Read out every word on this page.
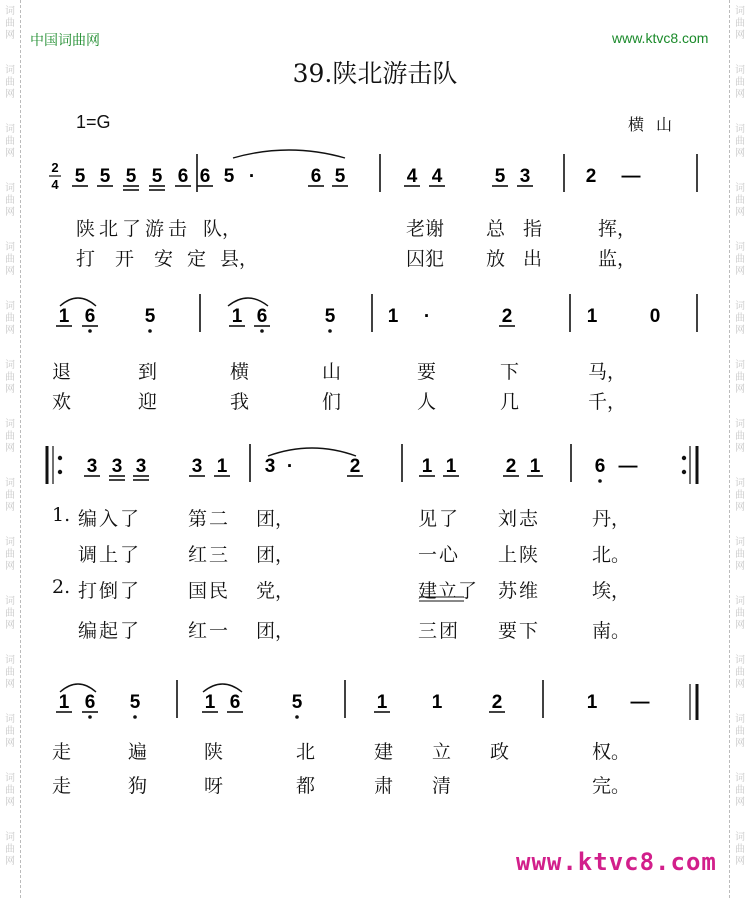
词
曲
网
词
曲
网
词
曲
网
词
曲
网
词
曲
网
词
曲
网
词
曲
网
词
曲
网
词
曲
网
词
曲
网
词
曲
网
词
曲
网
词
曲
网
词
曲
网
词
曲
网
词
曲
网
词
曲
网
词
曲
网
词
曲
网
词
曲
网
词
曲
网
词
曲
网
词
曲
网
词
曲
网
词
曲
网
词
曲
网
词
曲
网
词
曲
网
词
曲
网
词
曲
网
中国词曲网	www.ktvc8.com
39.陕北游击队
1=G	横山
5 5 5 5 6 6 5 ·	6 5	4 4	5 3	2 —
1 6	5	1 6	5	1 ·	2	1	0
3 3 3 3 1 3 ·	2	1 1	2 1	6 —
1 6 5	1 6	5	1 1	2	1 —
2
4
陕北了游击 队，	老谢 总指 挥，
打开安定县，	囚犯 放出 监，
退	到	横	山	要	下	马，
欢	迎	我	们	人	几	千，
1. 编入了 第二 团，	见了 刘志	丹，
调上了 红三 团，	一心 上陕	北。
2. 打倒了 国民 党，	建立了 苏维	埃，
编起了 红一 团，	三团 要下	南。
走	遍	陕	北	建 立 政	权。
走	狗	呀	都	肃 清	完。
www.ktvc8.com
